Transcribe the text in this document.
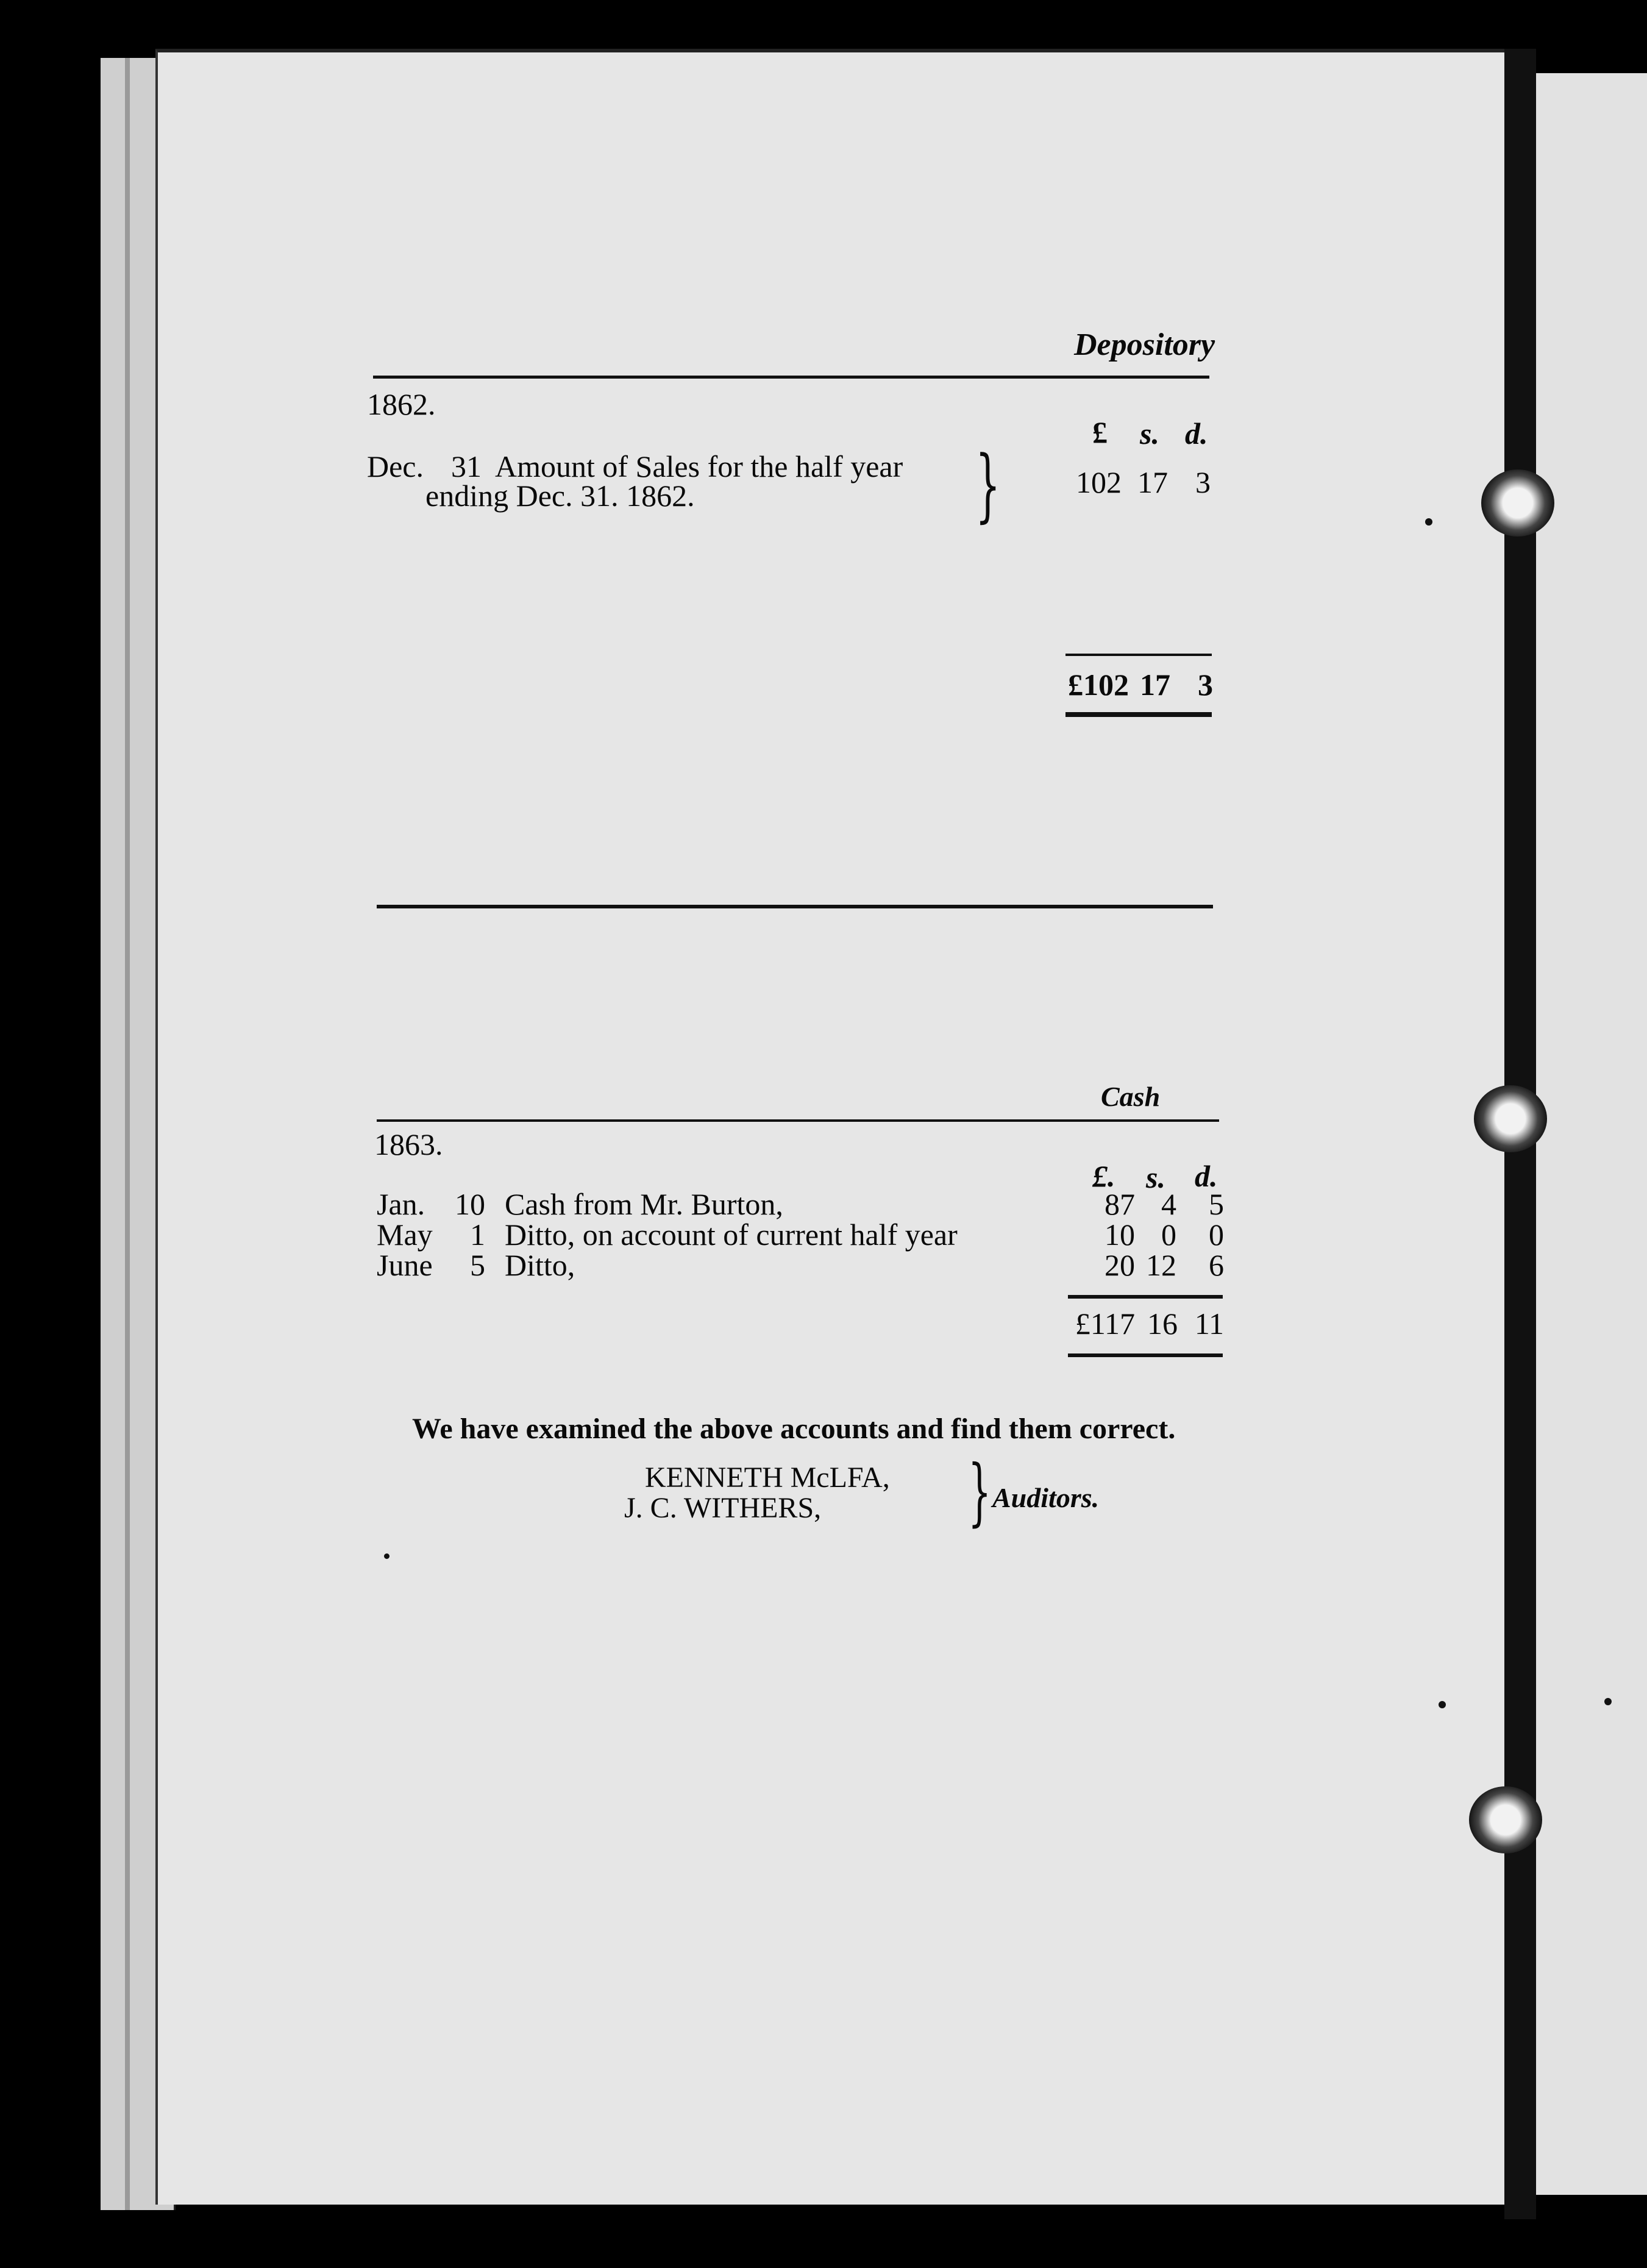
Depository
1862.
£ s. d.
Dec. 31 Amount of Sales for the half year
ending Dec. 31. 1862.	} 102 17 3
£102 17 3
Cash
1863.
£. s. d.
Jan. 10 Cash from Mr. Burton,	87 4	5
May	1 Ditto, on account of current half year	10 0	0
June	5 Ditto,	20 12	6
£117 16 11
We have examined the above accounts and find them correct.
KENNETH McLFA,
J. C. WITHERS, } Auditors.
